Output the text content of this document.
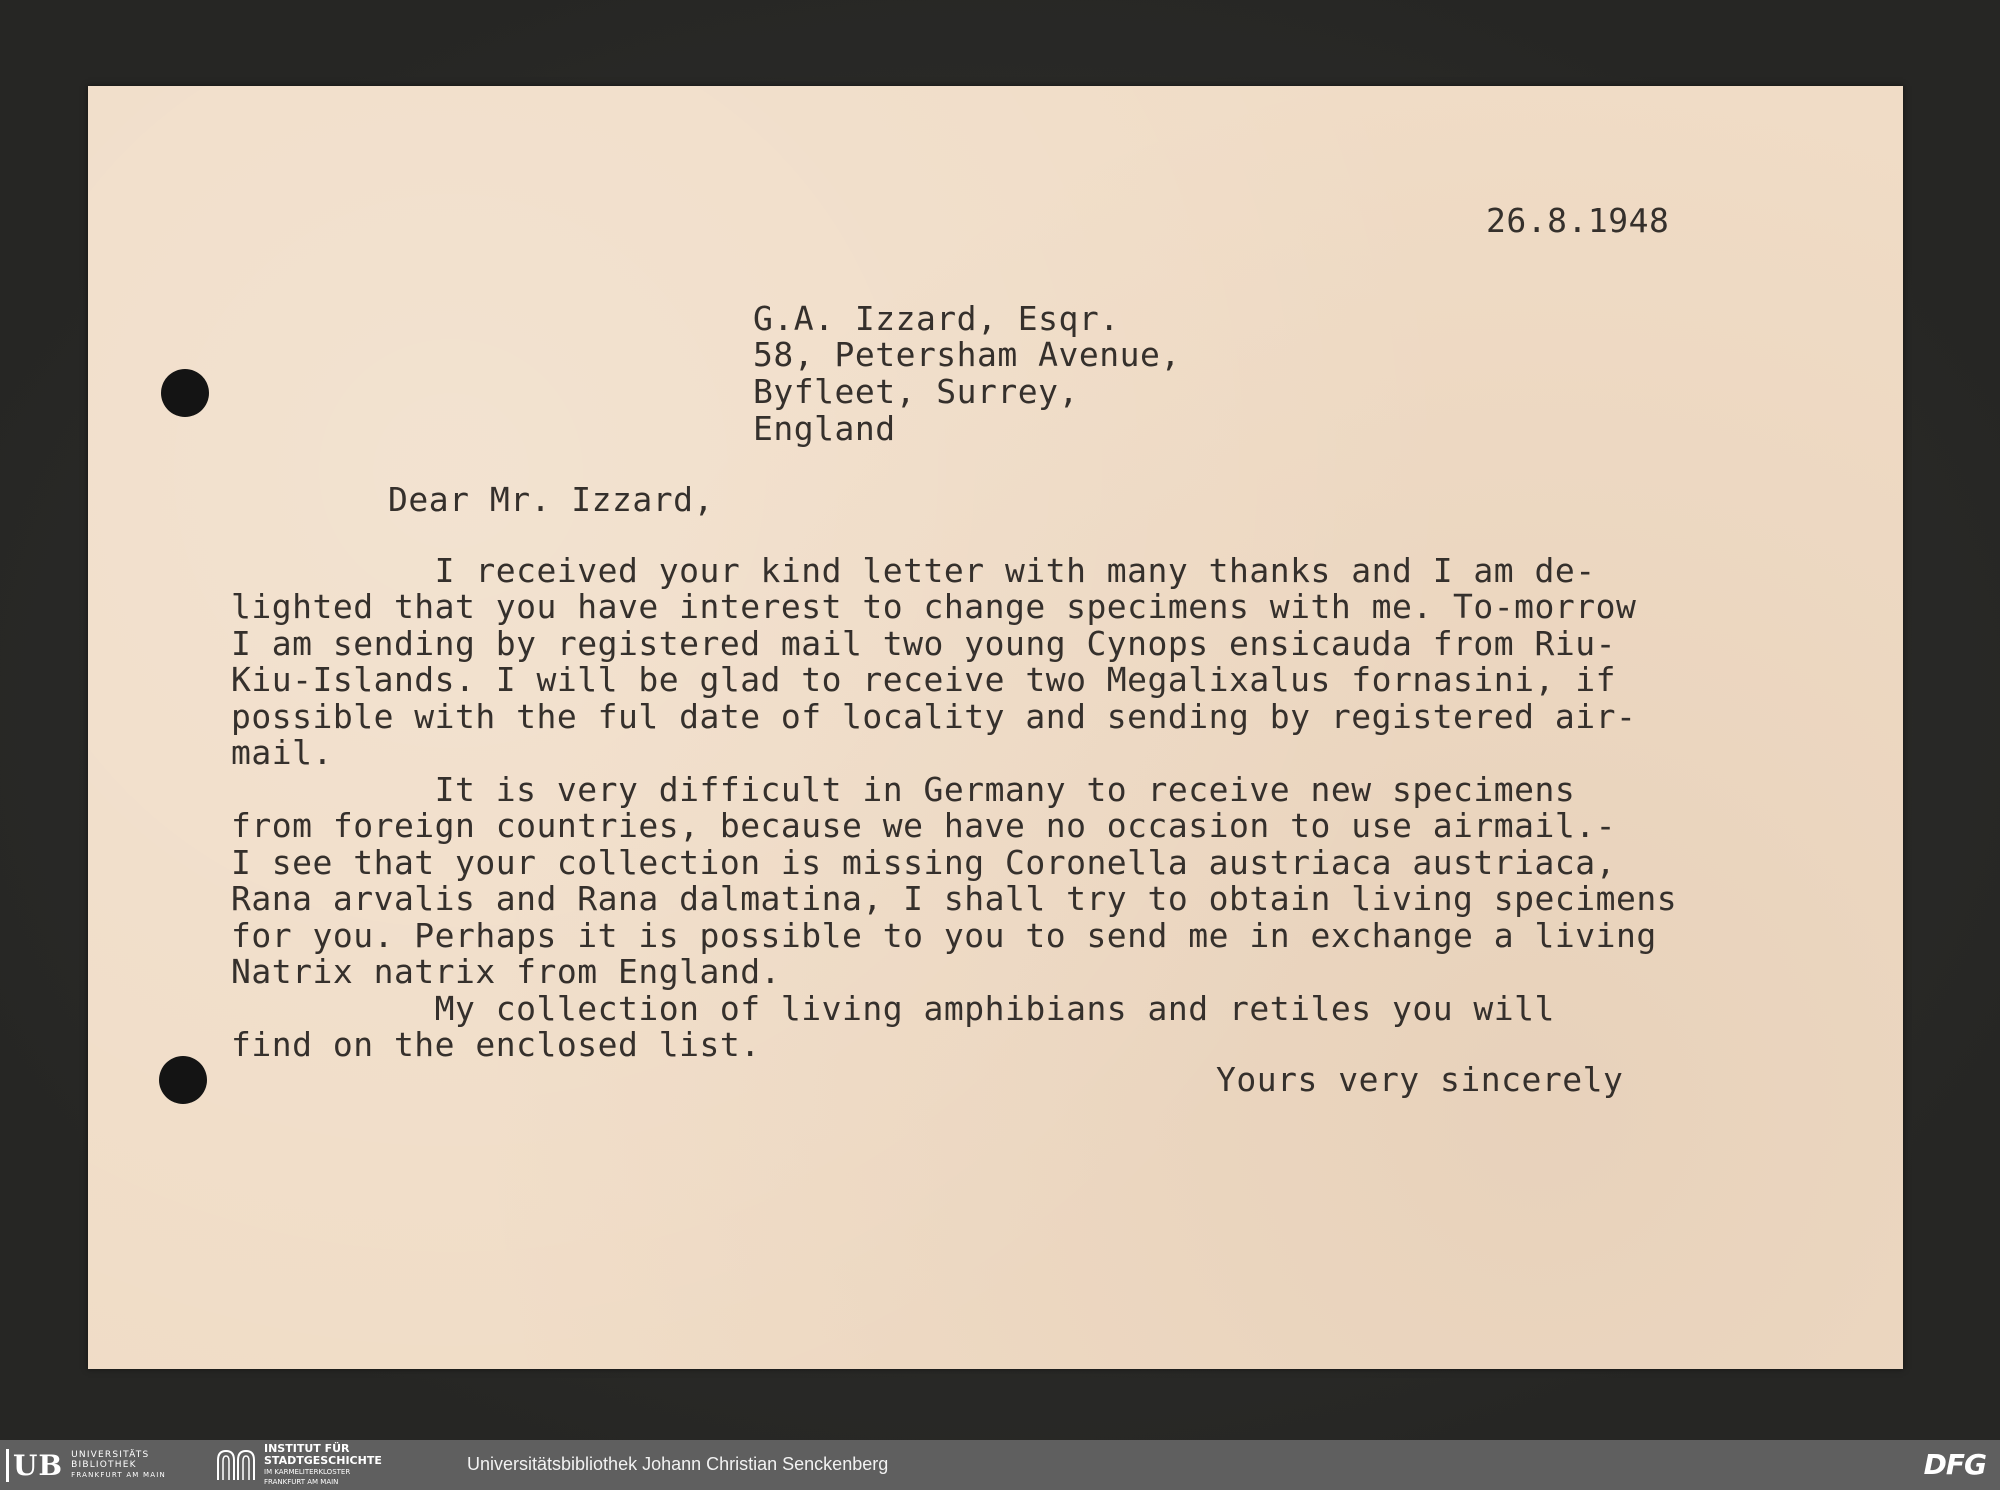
26.8.1948

G.A. Izzard, Esqr.

58, Petersham Avenue,

Byfleet, Surrey,

England

Dear Mr. Izzard,

I received your kind letter with many thanks and I am de-

lighted that you have interest to change specimens with me. To-morrow

I am sending by registered mail two young Cynops ensicauda from Riu-

Kiu-Islands. I will be glad to receive two Megalixalus fornasini, if

possible with the ful date of locality and sending by registered air-

mail.

It is very difficult in Germany to receive new specimens

from foreign countries, because we have no occasion to use airmail.-

I see that your collection is missing Coronella austriaca austriaca,

Rana arvalis and Rana dalmatina, I shall try to obtain living specimens

for you. Perhaps it is possible to you to send me in exchange a living

Natrix natrix from England.

My collection of living amphibians and retiles you will

find on the enclosed list.

Yours very sincerely

UB UNIVERSITÄTS
BIBLIOTHEK
FRANKFURT AM MAIN
INSTITUT FÜR
STADTGESCHICHTE
IM KARMELITERKLOSTER
FRANKFURT AM MAIN
Universitätsbibliothek Johann Christian Senckenberg	DFG
